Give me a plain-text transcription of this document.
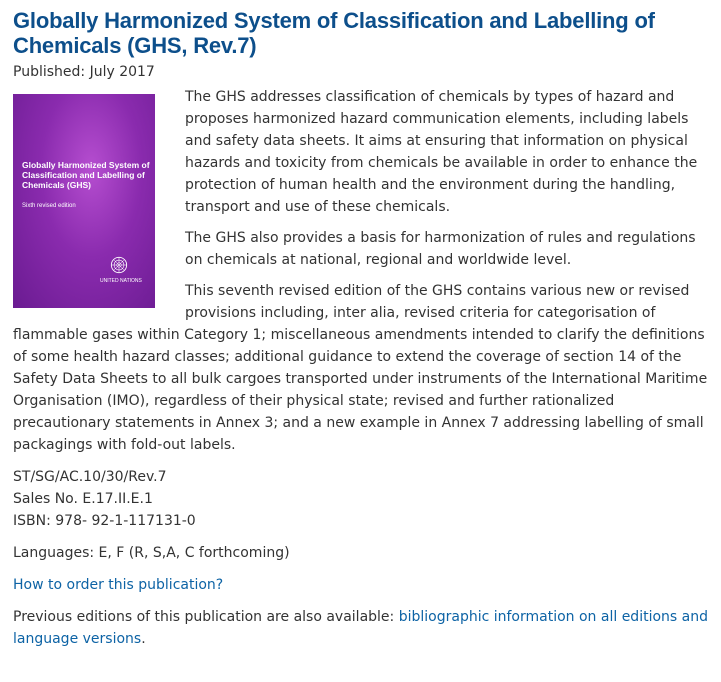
Globally Harmonized System of Classification and Labelling of Chemicals (GHS, Rev.7)
Published: July 2017
Globally Harmonized System of Classification and Labelling of Chemicals (GHS)
Sixth revised edition
UNITED NATIONS

The GHS addresses classification of chemicals by types of hazard and proposes harmonized hazard communication elements, including labels and safety data sheets. It aims at ensuring that information on physical hazards and toxicity from chemicals be available in order to enhance the protection of human health and the environment during the handling, transport and use of these chemicals.

The GHS also provides a basis for harmonization of rules and regulations on chemicals at national, regional and worldwide level.

This seventh revised edition of the GHS contains various new or revised provisions including, inter alia, revised criteria for categorisation of flammable gases within Category 1; miscellaneous amendments intended to clarify the definitions of some health hazard classes; additional guidance to extend the coverage of section 14 of the Safety Data Sheets to all bulk cargoes transported under instruments of the International Maritime Organisation (IMO), regardless of their physical state; revised and further rationalized precautionary statements in Annex 3; and a new example in Annex 7 addressing labelling of small packagings with fold-out labels.

ST/SG/AC.10/30/Rev.7
Sales No. E.17.II.E.1
ISBN: 978- 92-1-117131-0
Languages: E, F (R, S,A, C forthcoming)
How to order this publication?
Previous editions of this publication are also available: bibliographic information on all editions and language versions.
